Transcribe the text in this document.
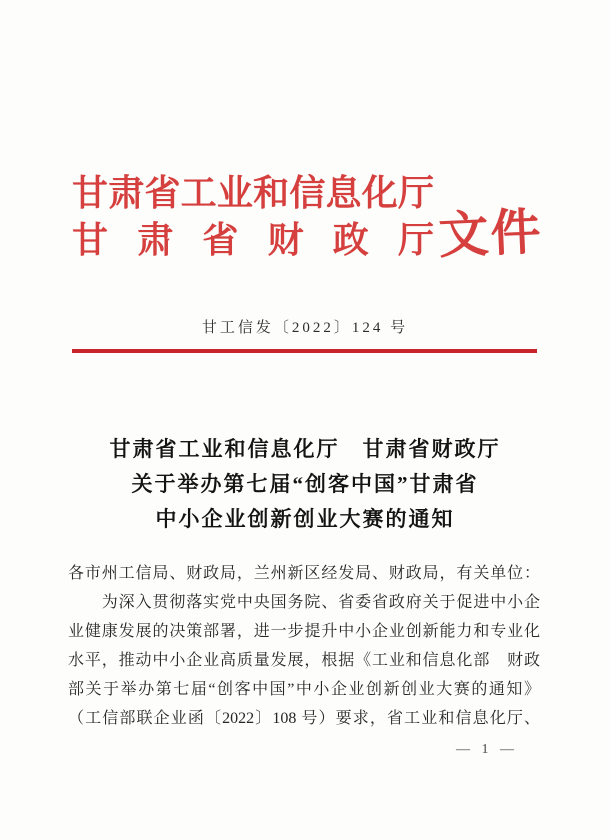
甘肃省工业和信息化厅
甘肃省财政厅 文件
甘工信发〔2022〕124 号
甘肃省工业和信息化厅　甘肃省财政厅
关于举办第七届“创客中国”甘肃省
中小企业创新创业大赛的通知
各市州工信局、财政局，兰州新区经发局、财政局，有关单位：
　　为深入贯彻落实党中央国务院、省委省政府关于促进中小企
业健康发展的决策部署，进一步提升中小企业创新能力和专业化
水平，推动中小企业高质量发展，根据《工业和信息化部　财政
部关于举办第七届“创客中国”中小企业创新创业大赛的通知》
（工信部联企业函〔2022〕108 号）要求，省工业和信息化厅、
— 1 —
